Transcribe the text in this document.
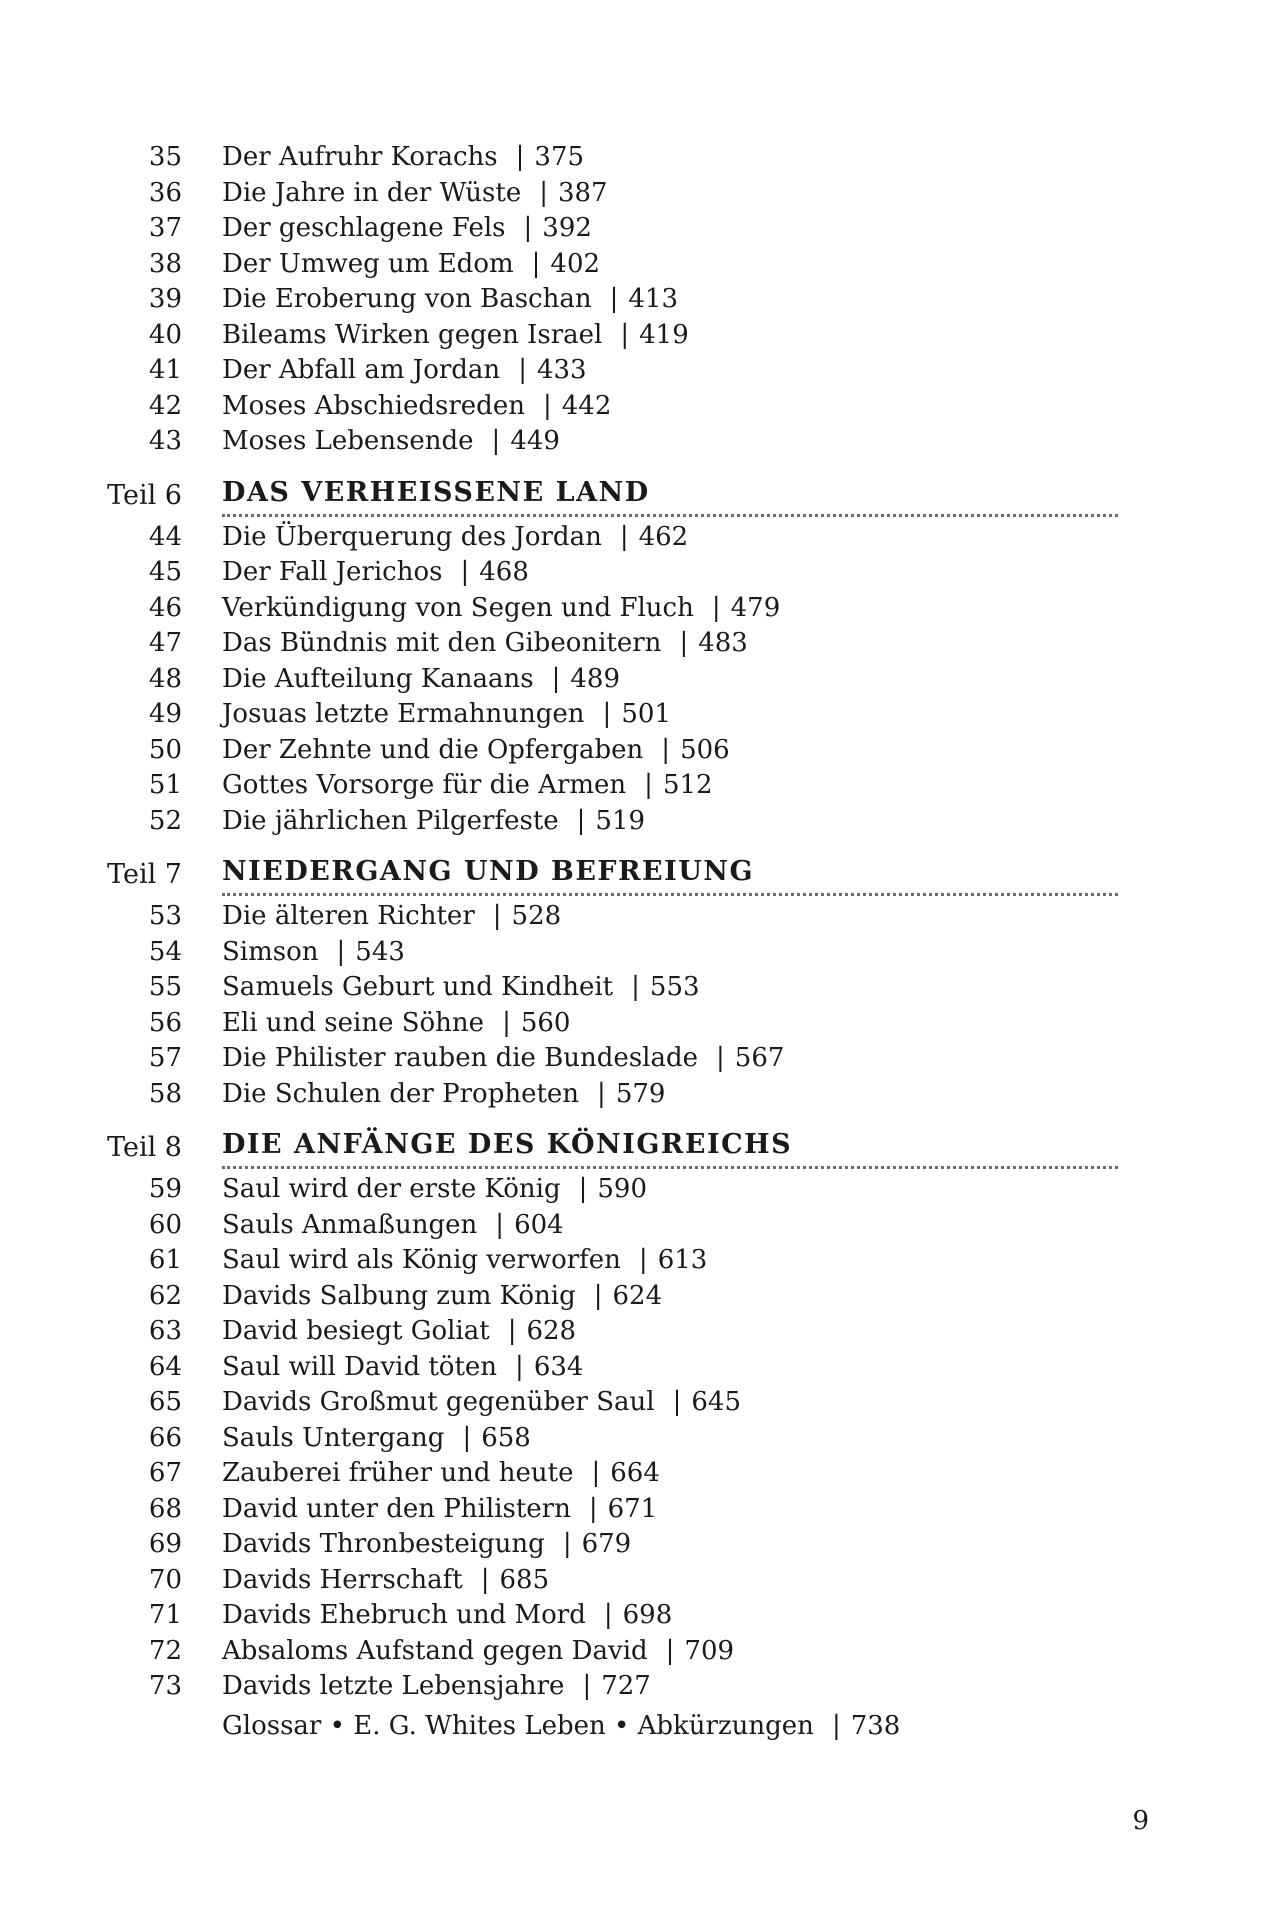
35	Der Aufruhr Korachs | 375
36	Die Jahre in der Wüste | 387
37	Der geschlagene Fels | 392
38	Der Umweg um Edom | 402
39	Die Eroberung von Baschan | 413
40	Bileams Wirken gegen Israel | 419
41	Der Abfall am Jordan | 433
42	Moses Abschiedsreden | 442
43	Moses Lebensende | 449
Teil 6	DAS VERHEISSENE LAND
44	Die Überquerung des Jordan | 462
45	Der Fall Jerichos | 468
46	Verkündigung von Segen und Fluch | 479
47	Das Bündnis mit den Gibeonitern | 483
48	Die Aufteilung Kanaans | 489
49	Josuas letzte Ermahnungen | 501
50	Der Zehnte und die Opfergaben | 506
51	Gottes Vorsorge für die Armen | 512
52	Die jährlichen Pilgerfeste | 519
Teil 7	NIEDERGANG UND BEFREIUNG
53	Die älteren Richter | 528
54	Simson | 543
55	Samuels Geburt und Kindheit | 553
56	Eli und seine Söhne | 560
57	Die Philister rauben die Bundeslade | 567
58	Die Schulen der Propheten | 579
Teil 8	DIE ANFÄNGE DES KÖNIGREICHS
59	Saul wird der erste König | 590
60	Sauls Anmaßungen | 604
61	Saul wird als König verworfen | 613
62	Davids Salbung zum König | 624
63	David besiegt Goliat | 628
64	Saul will David töten | 634
65	Davids Großmut gegenüber Saul | 645
66	Sauls Untergang | 658
67	Zauberei früher und heute | 664
68	David unter den Philistern | 671
69	Davids Thronbesteigung | 679
70	Davids Herrschaft | 685
71	Davids Ehebruch und Mord | 698
72	Absaloms Aufstand gegen David | 709
73	Davids letzte Lebensjahre | 727
Glossar • E. G. Whites Leben • Abkürzungen | 738
9
